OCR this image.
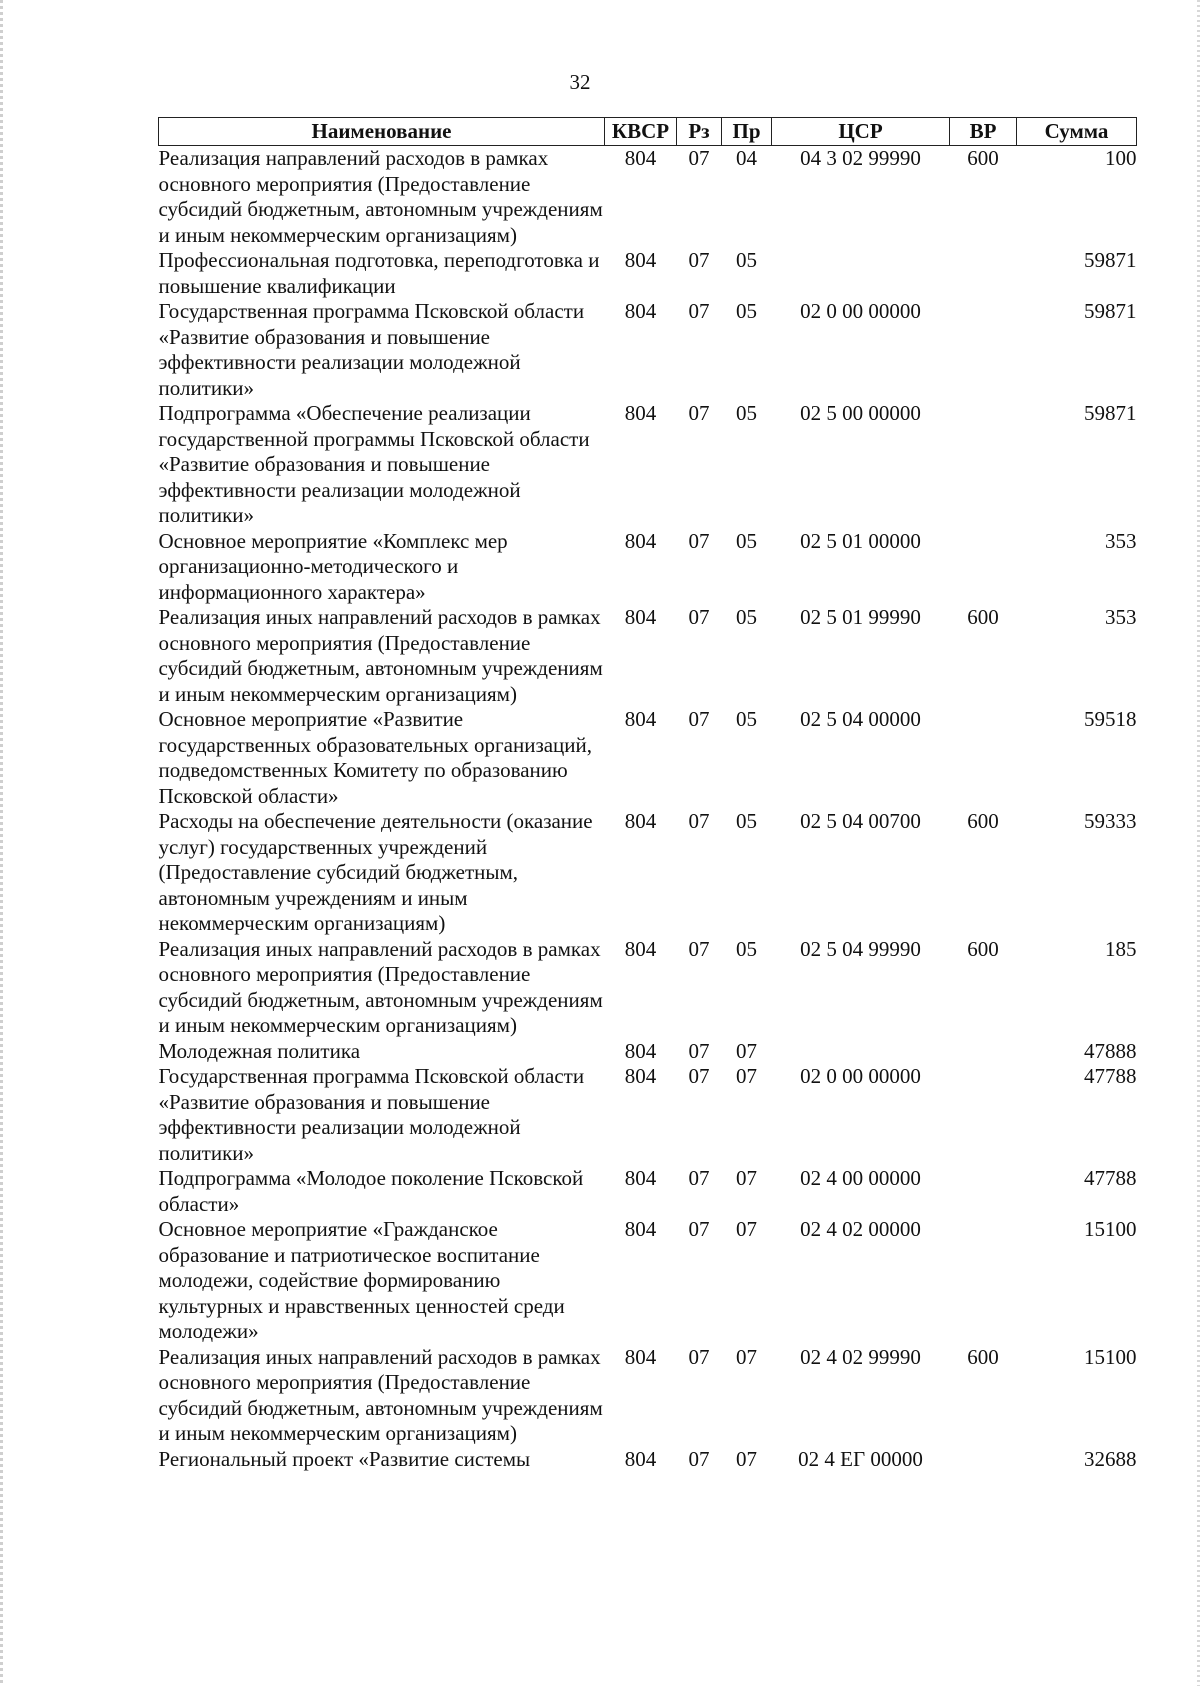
32
Наименование	КВСР	Рз	Пр	ЦСР	ВР	Сумма
Реализация направлений расходов в рамках основного мероприятия (Предоставление субсидий бюджетным, автономным учреждениям и иным некоммерческим организациям)	804	07	04	04 3 02 99990	600	100
Профессиональная подготовка, переподготовка и повышение квалификации	804	07	05			59871
Государственная программа Псковской области «Развитие образования и повышение эффективности реализации молодежной политики»	804	07	05	02 0 00 00000		59871
Подпрограмма «Обеспечение реализации государственной программы Псковской области «Развитие образования и повышение эффективности реализации молодежной политики»	804	07	05	02 5 00 00000		59871
Основное мероприятие «Комплекс мер организационно-методического и информационного характера»	804	07	05	02 5 01 00000		353
Реализация иных направлений расходов в рамках основного мероприятия (Предоставление субсидий бюджетным, автономным учреждениям и иным некоммерческим организациям)	804	07	05	02 5 01 99990	600	353
Основное мероприятие «Развитие государственных образовательных организаций, подведомственных Комитету по образованию Псковской области»	804	07	05	02 5 04 00000		59518
Расходы на обеспечение деятельности (оказание услуг) государственных учреждений (Предоставление субсидий бюджетным, автономным учреждениям и иным некоммерческим организациям)	804	07	05	02 5 04 00700	600	59333
Реализация иных направлений расходов в рамках основного мероприятия (Предоставление субсидий бюджетным, автономным учреждениям и иным некоммерческим организациям)	804	07	05	02 5 04 99990	600	185
Молодежная политика	804	07	07			47888
Государственная программа Псковской области «Развитие образования и повышение эффективности реализации молодежной политики»	804	07	07	02 0 00 00000		47788
Подпрограмма «Молодое поколение Псковской области»	804	07	07	02 4 00 00000		47788
Основное мероприятие «Гражданское образование и патриотическое воспитание молодежи, содействие формированию культурных и нравственных ценностей среди молодежи»	804	07	07	02 4 02 00000		15100
Реализация иных направлений расходов в рамках основного мероприятия (Предоставление субсидий бюджетным, автономным учреждениям и иным некоммерческим организациям)	804	07	07	02 4 02 99990	600	15100
Региональный проект «Развитие системы	804	07	07	02 4 ЕГ 00000		32688
